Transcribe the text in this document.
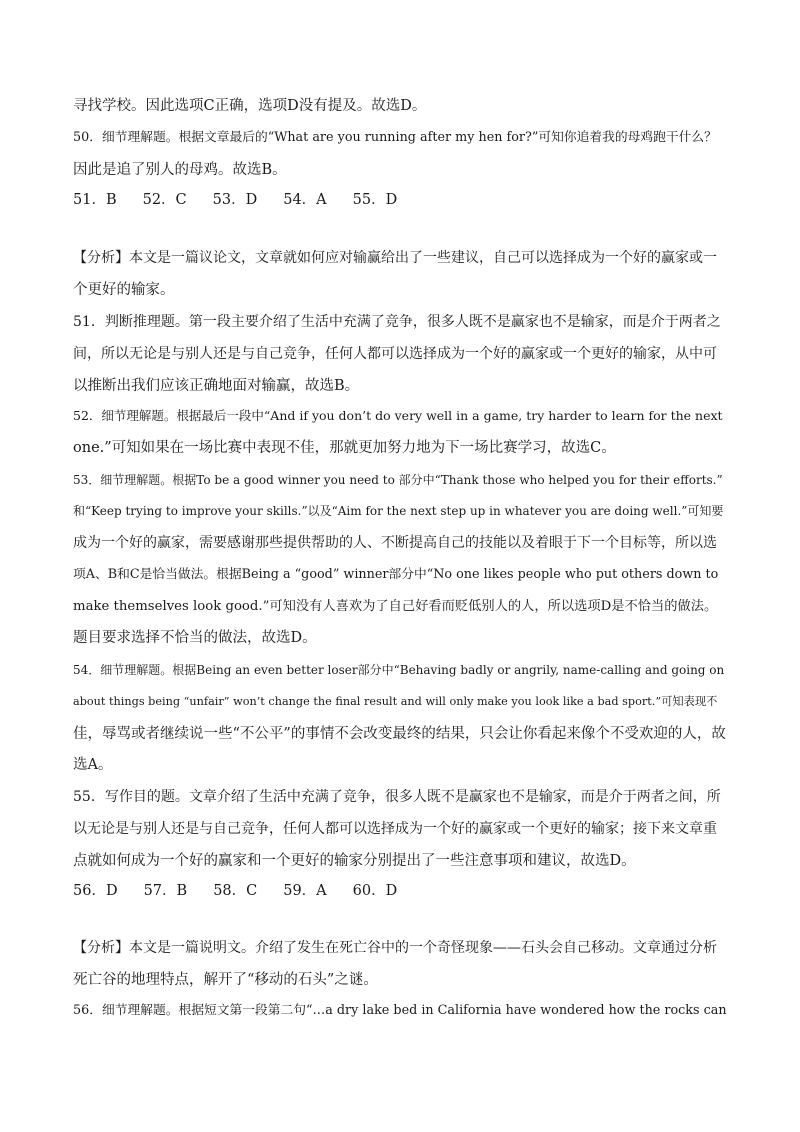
寻找学校。因此选项C正确，选项D没有提及。故选D。
50．细节理解题。根据文章最后的“What are you running after my hen for?”可知你追着我的母鸡跑干什么？
因此是追了别人的母鸡。故选B。
51．B 52．C 53．D 54．A 55．D
【分析】本文是一篇议论文，文章就如何应对输赢给出了一些建议，自己可以选择成为一个好的赢家或一
个更好的输家。
51．判断推理题。第一段主要介绍了生活中充满了竞争，很多人既不是赢家也不是输家，而是介于两者之
间，所以无论是与别人还是与自己竞争，任何人都可以选择成为一个好的赢家或一个更好的输家，从中可
以推断出我们应该正确地面对输赢，故选B。
52．细节理解题。根据最后一段中“And if you don’t do very well in a game, try harder to learn for the next
one.”可知如果在一场比赛中表现不佳，那就更加努力地为下一场比赛学习，故选C。
53．细节理解题。根据To be a good winner you need to 部分中“Thank those who helped you for their efforts.”
和“Keep trying to improve your skills.”以及“Aim for the next step up in whatever you are doing well.”可知要
成为一个好的赢家，需要感谢那些提供帮助的人、不断提高自己的技能以及着眼于下一个目标等，所以选
项A、B和C是恰当做法。根据Being a “good” winner部分中“No one likes people who put others down to
make themselves look good.”可知没有人喜欢为了自己好看而贬低别人的人，所以选项D是不恰当的做法。
题目要求选择不恰当的做法，故选D。
54．细节理解题。根据Being an even better loser部分中“Behaving badly or angrily, name-calling and going on
about things being “unfair” won’t change the final result and will only make you look like a bad sport.”可知表现不
佳，辱骂或者继续说一些“不公平”的事情不会改变最终的结果，只会让你看起来像个不受欢迎的人，故
选A。
55．写作目的题。文章介绍了生活中充满了竞争，很多人既不是赢家也不是输家，而是介于两者之间，所
以无论是与别人还是与自己竞争，任何人都可以选择成为一个好的赢家或一个更好的输家；接下来文章重
点就如何成为一个好的赢家和一个更好的输家分别提出了一些注意事项和建议，故选D。
56．D 57．B 58．C 59．A 60．D
【分析】本文是一篇说明文。介绍了发生在死亡谷中的一个奇怪现象——石头会自己移动。文章通过分析
死亡谷的地理特点，解开了“移动的石头”之谜。
56．细节理解题。根据短文第一段第二句“…a dry lake bed in California have wondered how the rocks can
